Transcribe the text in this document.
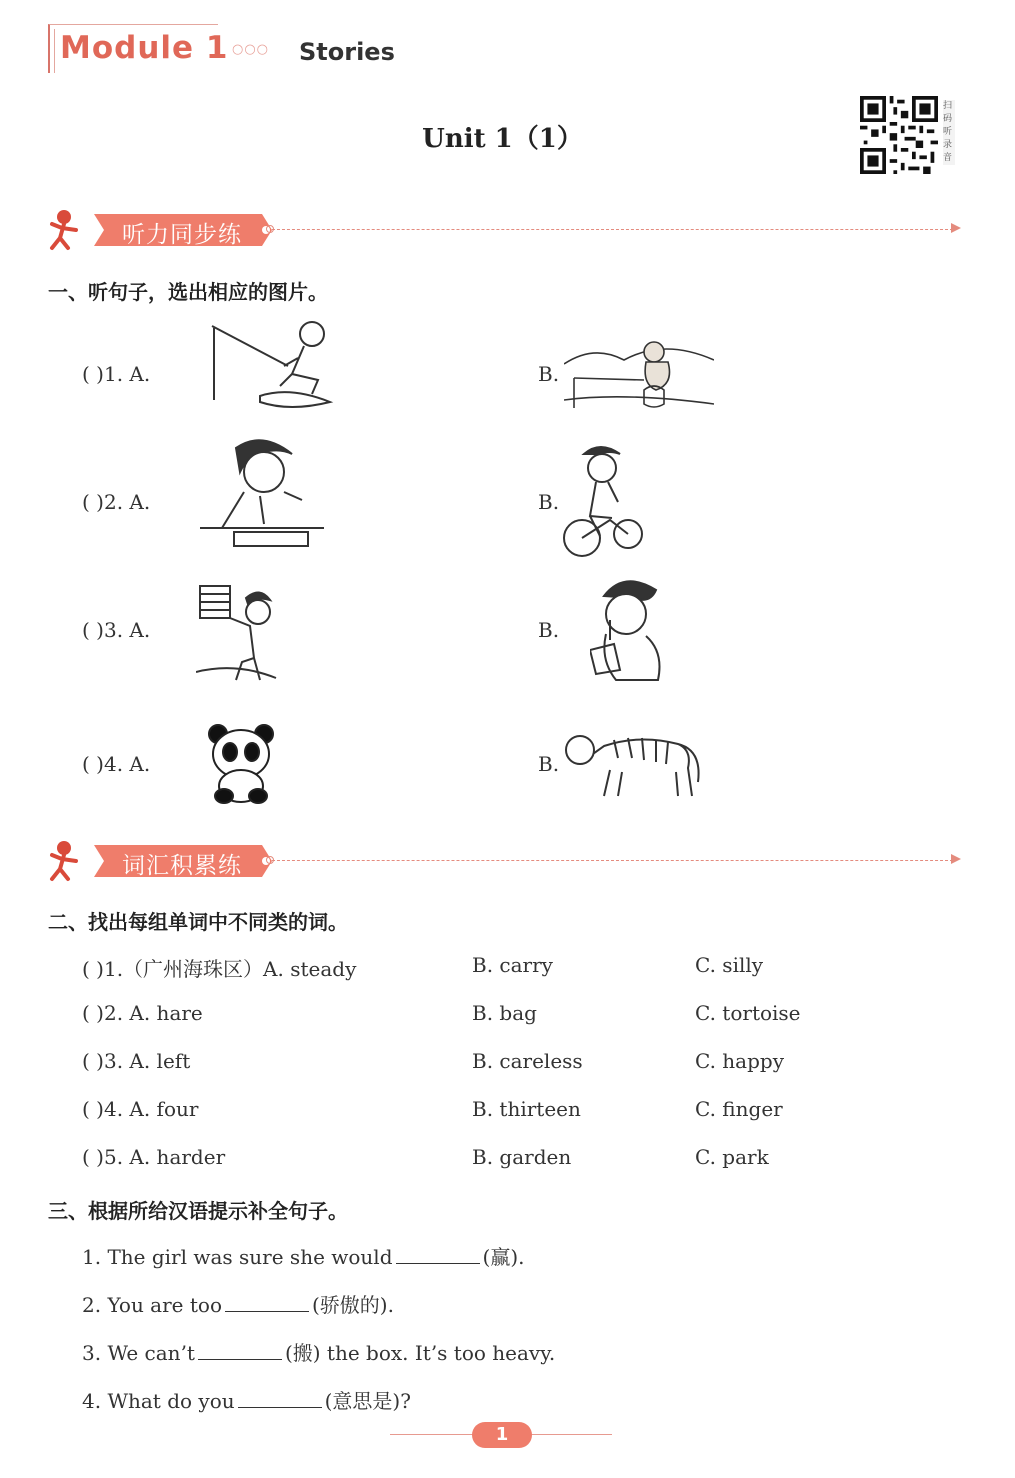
Module 1 ○○○ Stories
Unit 1（1）
扫码听录音
听力同步练
一、听句子，选出相应的图片。
( )1. A.	B.
( )2. A.	B.
( )3. A.	B.
( )4. A.	B.
词汇积累练
二、找出每组单词中不同类的词。
( )1.（广州海珠区）A. steady	B. carry	C. silly
( )2. A. hare	B. bag	C. tortoise
( )3. A. left	B. careless	C. happy
( )4. A. four	B. thirteen	C. finger
( )5. A. harder	B. garden	C. park
三、根据所给汉语提示补全句子。
1. The girl was sure she would	(赢).
2. You are too	(骄傲的).
3. We can’t	(搬) the box. It’s too heavy.
4. What do you	(意思是)?
1
